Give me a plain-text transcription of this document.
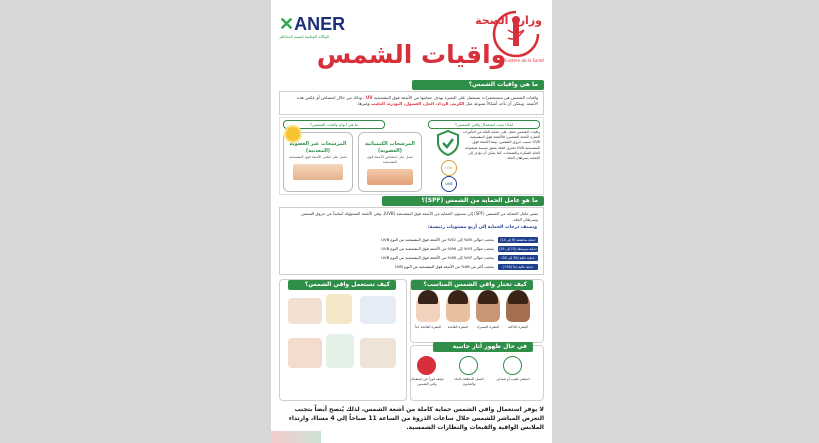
✕ANER
الوكالة الوطنية لتقييم المخاطر
وزارة الصحة
Ministère de la Santé
واقيات الشمس
ما هي واقيات الشمس؟
واقيات الشمس هي مستحضرات تستعمل على البشرة بهدف حمايتها من الأشعة فوق البنفسجية UV ، وذلك من خلال امتصاص أو عكس هذه الأشعة. ويمكن أن تأخذ أشكالاً متنوعة مثل الكريم، الرذاذ، الجل، الغسول، البودرة، الحليب وغيرها.
لماذا يجب استعمال واقي الشمس؟
UVA
UVB
واقيات الشمس تعمل على حماية الجلد من التأثيرات الضارة لأشعة الشمس؛ فالأشعة فوق البنفسجية UVB تسبب حروق الشمس، بينما الأشعة فوق البنفسجية UVA تخترق الجلد بعمق مسببة شيخوخة الجلد المبكرة والتصبغات، كما يمكن أن تؤدي إلى الإصابة بسرطان الجلد.
ما هي أنواع واقيات الشمس؟
المرشحات الكيميائية (العضوية)
تعمل على امتصاص الأشعة فوق البنفسجية
المرشحات غير العضوية (المعدنية)
تعمل على عكس الأشعة فوق البنفسجية
ما هو عامل الحماية من الشمس (SPF)؟
يشير عامل الحماية من الشمس (SPF) إلى مستوى الحماية من الأشعة فوق البنفسجية (UVB)، وهي الأشعة المسؤولة أساساً عن حروق الشمس وسرطان الجلد.
وتصنف درجات الحماية إلى أربع مستويات رئيسية:
حماية منخفضة (6 إلى 14)
يحجب حوالي 85% إلى 92% من الأشعة فوق البنفسجية من النوع UVB
حماية متوسطة (15 إلى 29)
يحجب حوالي 93% إلى 96% من الأشعة فوق البنفسجية من النوع UVB
حماية عالية (30 إلى 50)
يحجب حوالي 97% إلى 98% من الأشعة فوق البنفسجية من النوع UVB
حماية عالية جداً (50+)
يحجب أكثر من 98% من الأشعة فوق البنفسجية من النوع UVB
كيف تستعمل واقي الشمس؟	كيف تختار واقي الشمس المناسب؟
البشرة الفاتحة جداً	البشرة الفاتحة	البشرة السمراء	البشرة الداكنة
في حال ظهور آثار جانبية
توقف فوراً عن استعمال واقي الشمس
اغسل المنطقة بالماء والصابون
استشر طبيب أو صيدلي
لا يوفر استعمال واقي الشمس حماية كاملة من أشعة الشمس، لذلك يُنصح أيضاً بتجنب التعرض المباشر للشمس خلال ساعات الذروة من الساعة 11 صباحاً إلى 4 مساءً، وارتداء الملابس الواقية والقبعات والنظارات الشمسية.
